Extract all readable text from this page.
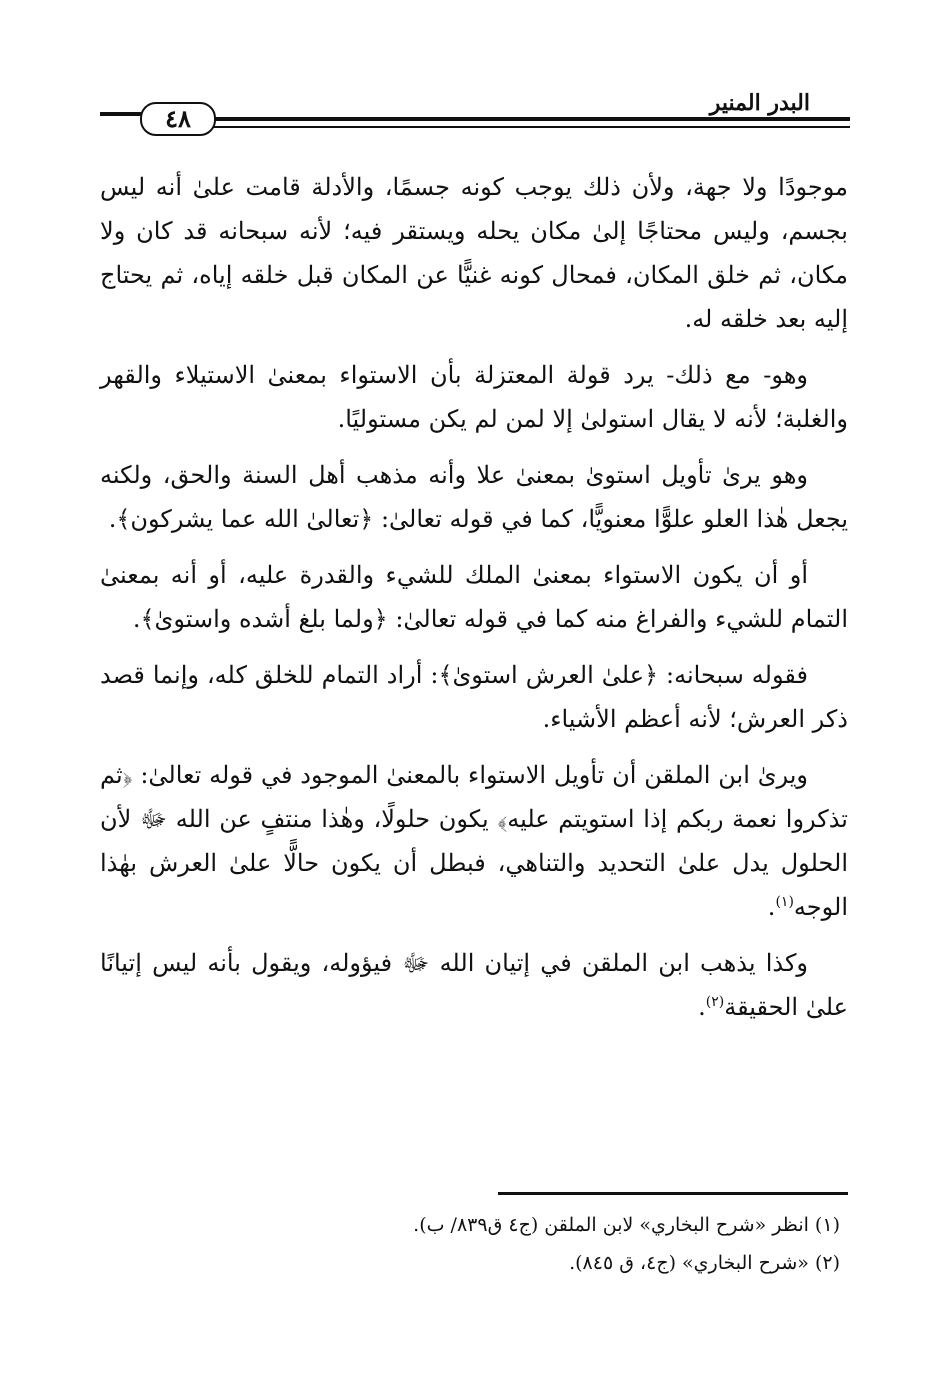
٤٨
البدر المنير

موجودًا ولا جهة، ولأن ذلك يوجب كونه جسمًا، والأدلة قامت علىٰ أنه ليس بجسم، وليس محتاجًا إلىٰ مكان يحله ويستقر فيه؛ لأنه سبحانه قد كان ولا مكان، ثم خلق المكان، فمحال كونه غنيًّا عن المكان قبل خلقه إياه، ثم يحتاج إليه بعد خلقه له.

وهو- مع ذلك- يرد قولة المعتزلة بأن الاستواء بمعنىٰ الاستيلاء والقهر والغلبة؛ لأنه لا يقال استولىٰ إلا لمن لم يكن مستوليًا.

وهو يرىٰ تأويل استوىٰ بمعنىٰ علا وأنه مذهب أهل السنة والحق، ولكنه يجعل هٰذا العلو علوًّا معنويًّا، كما في قوله تعالىٰ: ﴿تعالىٰ الله عما يشركون﴾.

أو أن يكون الاستواء بمعنىٰ الملك للشيء والقدرة عليه، أو أنه بمعنىٰ التمام للشيء والفراغ منه كما في قوله تعالىٰ: ﴿ولما بلغ أشده واستوىٰ﴾.

فقوله سبحانه: ﴿علىٰ العرش استوىٰ﴾: أراد التمام للخلق كله، وإنما قصد ذكر العرش؛ لأنه أعظم الأشياء.

ويرىٰ ابن الملقن أن تأويل الاستواء بالمعنىٰ الموجود في قوله تعالىٰ: ﴿ثم تذكروا نعمة ربكم إذا استويتم عليه﴾ يكون حلولًا، وهٰذا منتفٍ عن الله ﷻ لأن الحلول يدل علىٰ التحديد والتناهي، فبطل أن يكون حالًّا علىٰ العرش بهٰذا الوجه$^{(١)}$.

وكذا يذهب ابن الملقن في إتيان الله ﷻ فيؤوله، ويقول بأنه ليس إتيانًا علىٰ الحقيقة$^{(٢)}$.

(١) انظر «شرح البخاري» لابن الملقن (ج٤ ق٨٣٩/ ب).
(٢) «شرح البخاري» (ج٤، ق ٨٤٥).
